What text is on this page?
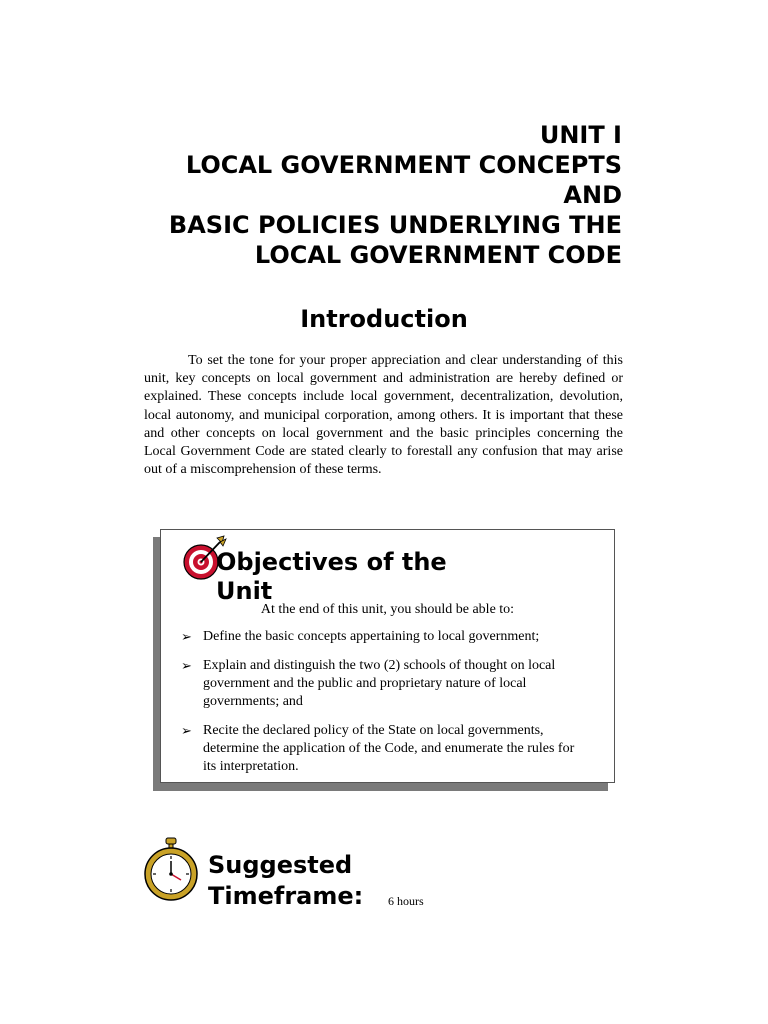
UNIT I
LOCAL GOVERNMENT CONCEPTS
AND
BASIC POLICIES UNDERLYING THE
LOCAL GOVERNMENT CODE
Introduction
To set the tone for your proper appreciation and clear understanding of this unit, key concepts on local government and administration are hereby defined or explained. These concepts include local government, decentralization, devolution, local autonomy, and municipal corporation, among others. It is important that these and other concepts on local government and the basic principles concerning the Local Government Code are stated clearly to forestall any confusion that may arise out of a miscomprehension of these terms.
Objectives of the Unit
At the end of this unit, you should be able to:
➢ Define the basic concepts appertaining to local government;
➢ Explain and distinguish the two (2) schools of thought on local government and the public and proprietary nature of local governments; and
➢ Recite the declared policy of the State on local governments, determine the application of the Code, and enumerate the rules for its interpretation.
Suggested Timeframe:	6 hours
